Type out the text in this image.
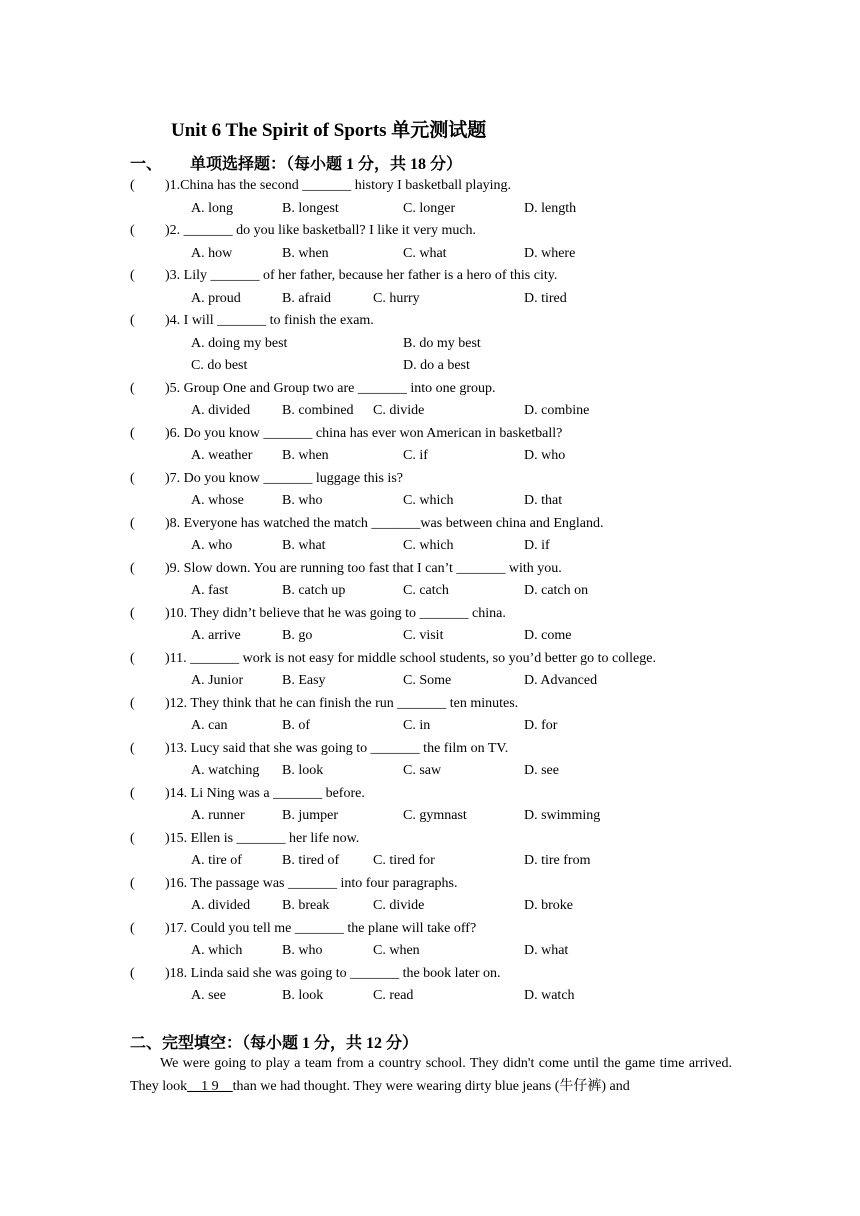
Unit 6 The Spirit of Sports 单元测试题
一、 单项选择题：（每小题 1 分，共 18 分）
( )1.China has the second _______ history I basketball playing.
A. long	B. longest	C. longer	D. length
( )2. _______ do you like basketball? I like it very much.
A. how	B. when	C. what	D. where
( )3. Lily _______ of her father, because her father is a hero of this city.
A. proud	B. afraid	C. hurry	D. tired
( )4. I will _______ to finish the exam.
A. doing my best	B. do my best
C. do best	D. do a best
( )5. Group One and Group two are _______ into one group.
A. divided B. combined C. divide	D. combine
( )6. Do you know _______ china has ever won American in basketball?
A. weather B. when	C. if	D. who
( )7. Do you know _______ luggage this is?
A. whose	B. who	C. which	D. that
( )8. Everyone has watched the match _______was between china and England.
A. who	B. what	C. which	D. if
( )9. Slow down. You are running too fast that I can’t _______ with you.
A. fast	B. catch up	C. catch	D. catch on
( )10. They didn’t believe that he was going to _______ china.
A. arrive	B. go	C. visit	D. come
( )11. _______ work is not easy for middle school students, so you’d better go to college.
A. Junior	B. Easy	C. Some	D. Advanced
( )12. They think that he can finish the run _______ ten minutes.
A. can	B. of	C. in	D. for
( )13. Lucy said that she was going to _______ the film on TV.
A. watching B. look	C. saw	D. see
( )14. Li Ning was a _______ before.
A. runner	B. jumper	C. gymnast	D. swimming
( )15. Ellen is _______ her life now.
A. tire of	B. tired of C. tired for	D. tire from
( )16. The passage was _______ into four paragraphs.
A. divided B. break	C. divide	D. broke
( )17. Could you tell me _______ the plane will take off?
A. which	B. who	C. when	D. what
( )18. Linda said she was going to _______ the book later on.
A. see	B. look	C. read	D. watch
二、完型填空：（每小题 1 分，共 12 分）
We were going to play a team from a country school. They didn't come until the game time arrived. They look__1 9__than we had thought. They were wearing dirty blue jeans (牛仔裤) and
